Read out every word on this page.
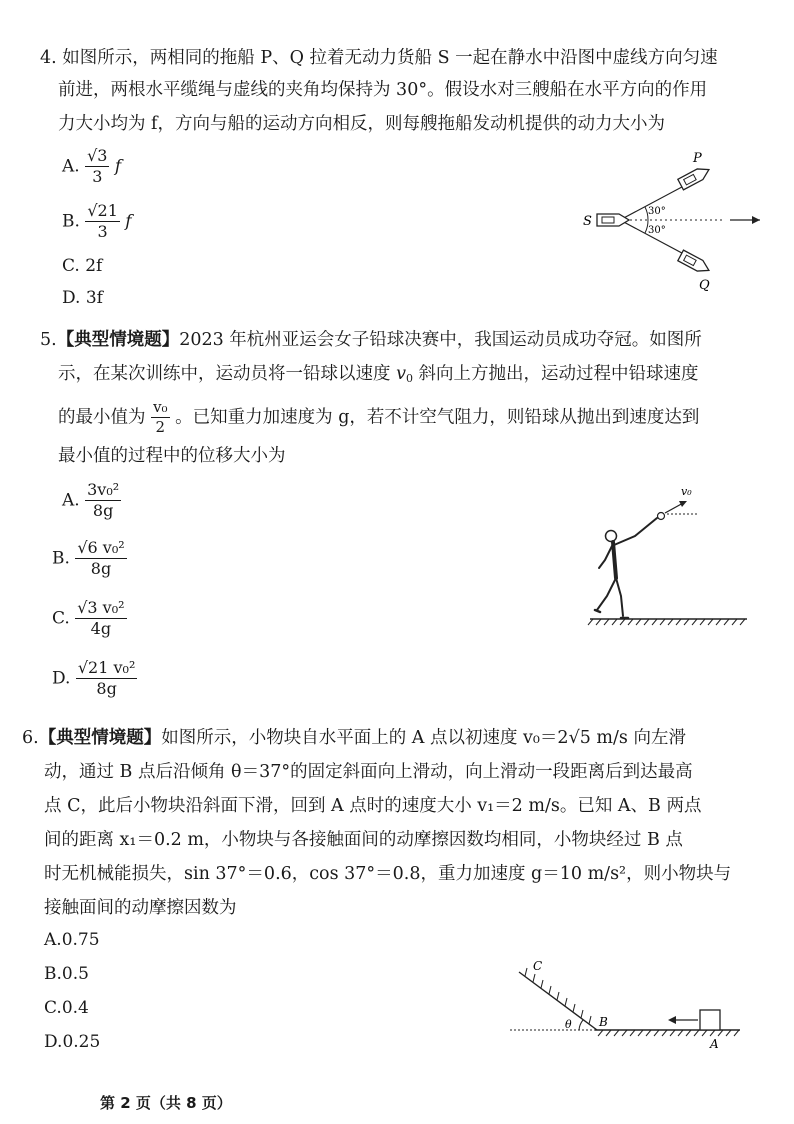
4. 如图所示，两相同的拖船 P、Q 拉着无动力货船 S 一起在静水中沿图中虚线方向匀速
前进，两根水平缆绳与虚线的夹角均保持为 30°。假设水对三艘船在水平方向的作用
力大小均为 f，方向与船的运动方向相反，则每艘拖船发动机提供的动力大小为
A. $\frac{√3}{3}$ f
B. $\frac{√21}{3}$ f
C. 2f
D. 3f
30°
30°
S
P
Q
5.【典型情境题】2023 年杭州亚运会女子铅球决赛中，我国运动员成功夺冠。如图所
示，在某次训练中，运动员将一铅球以速度 $v_0$ 斜向上方抛出，运动过程中铅球速度
的最小值为 $\frac{\text{v₀}}{2}$ 。已知重力加速度为 g，若不计空气阻力，则铅球从抛出到速度达到
最小值的过程中的位移大小为
A. $\frac{\text{3v₀²}}{8g}$
B. $\frac{\text{√6 v₀²}}{8g}$
C. $\frac{\text{√3 v₀²}}{4g}$
D. $\frac{\text{√21 v₀²}}{8g}$
v₀
6.【典型情境题】如图所示，小物块自水平面上的 A 点以初速度 v₀＝2√5 m/s 向左滑
动，通过 B 点后沿倾角 θ＝37°的固定斜面向上滑动，向上滑动一段距离后到达最高
点 C，此后小物块沿斜面下滑，回到 A 点时的速度大小 v₁＝2 m/s。已知 A、B 两点
间的距离 x₁＝0.2 m，小物块与各接触面间的动摩擦因数均相同，小物块经过 B 点
时无机械能损失，sin 37°＝0.6，cos 37°＝0.8，重力加速度 g＝10 m/s²，则小物块与
接触面间的动摩擦因数为
A.0.75
B.0.5
C.0.4
D.0.25
C
θ B
A
第 2 页（共 8 页）
